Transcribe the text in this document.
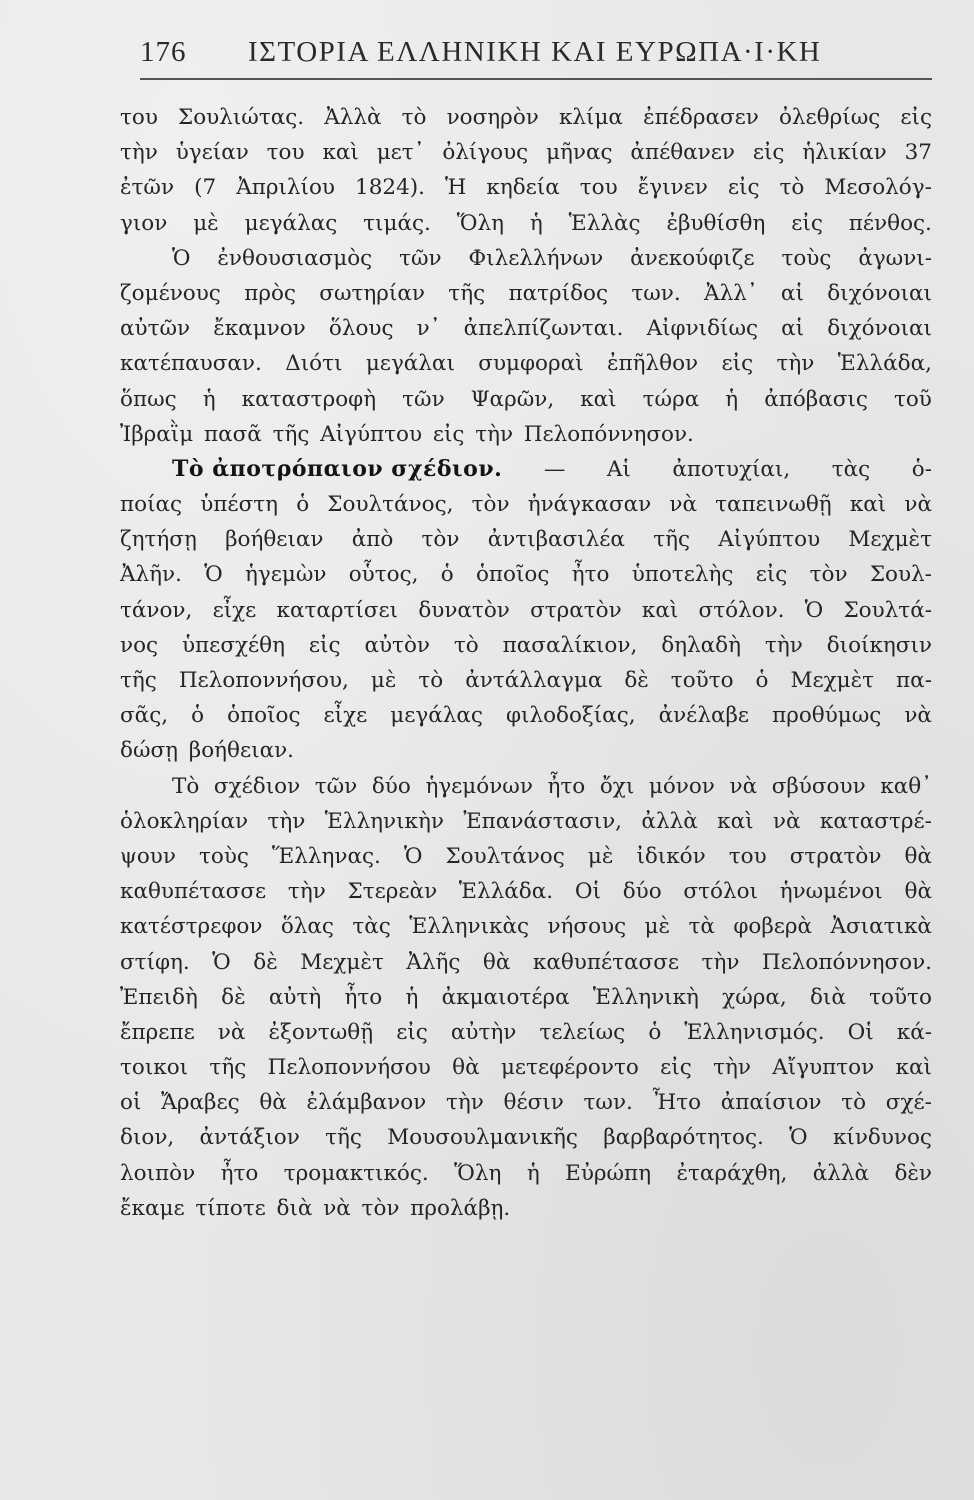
176 ΙΣΤΟΡΙΑ ΕΛΛΗΝΙΚΗ ΚΑΙ ΕΥΡΩΠΑ·Ι·ΚΗ
του Σουλιώτας. Ἀλλὰ τὸ νοσηρὸν κλίμα ἐπέδρασεν ὀλεθρίως εἰς
τὴν ὑγείαν του καὶ μετ᾽ ὀλίγους μῆνας ἀπέθανεν εἰς ἡλικίαν 37
ἐτῶν (7 Ἀπριλίου 1824). Ἡ κηδεία του ἔγινεν εἰς τὸ Μεσολόγ-
γιον μὲ μεγάλας τιμάς. Ὅλη ἡ Ἑλλὰς ἐβυθίσθη εἰς πένθος.
Ὁ ἐνθουσιασμὸς τῶν Φιλελλήνων ἀνεκούφιζε τοὺς ἀγωνι-
ζομένους πρὸς σωτηρίαν τῆς πατρίδος των. Ἀλλ᾽ αἱ διχόνοιαι
αὐτῶν ἔκαμνον ὅλους ν᾽ ἀπελπίζωνται. Αἰφνιδίως αἱ διχόνοιαι
κατέπαυσαν. Διότι μεγάλαι συμφοραὶ ἐπῆλθον εἰς τὴν Ἑλλάδα,
ὅπως ἡ καταστροφὴ τῶν Ψαρῶν, καὶ τώρα ἡ ἀπόβασις τοῦ
Ἰβραῒμ πασᾶ τῆς Αἰγύπτου εἰς τὴν Πελοπόννησον.
Τὸ ἀποτρόπαιον σχέδιον. — Αἱ ἀποτυχίαι, τὰς ὁ-
ποίας ὑπέστη ὁ Σουλτάνος, τὸν ἠνάγκασαν νὰ ταπεινωθῇ καὶ νὰ
ζητήσῃ βοήθειαν ἀπὸ τὸν ἀντιβασιλέα τῆς Αἰγύπτου Μεχμὲτ
Ἀλῆν. Ὁ ἡγεμὼν οὗτος, ὁ ὁποῖος ἦτο ὑποτελὴς εἰς τὸν Σουλ-
τάνον, εἶχε καταρτίσει δυνατὸν στρατὸν καὶ στόλον. Ὁ Σουλτά-
νος ὑπεσχέθη εἰς αὐτὸν τὸ πασαλίκιον, δηλαδὴ τὴν διοίκησιν
τῆς Πελοποννήσου, μὲ τὸ ἀντάλλαγμα δὲ τοῦτο ὁ Μεχμὲτ πα-
σᾶς, ὁ ὁποῖος εἶχε μεγάλας φιλοδοξίας, ἀνέλαβε προθύμως νὰ
δώσῃ βοήθειαν.
Τὸ σχέδιον τῶν δύο ἡγεμόνων ἦτο ὄχι μόνον νὰ σβύσουν καθ᾽
ὁλοκληρίαν τὴν Ἑλληνικὴν Ἐπανάστασιν, ἀλλὰ καὶ νὰ καταστρέ-
ψουν τοὺς Ἕλληνας. Ὁ Σουλτάνος μὲ ἰδικόν του στρατὸν θὰ
καθυπέτασσε τὴν Στερεὰν Ἑλλάδα. Οἱ δύο στόλοι ἡνωμένοι θὰ
κατέστρεφον ὅλας τὰς Ἑλληνικὰς νήσους μὲ τὰ φοβερὰ Ἀσιατικὰ
στίφη. Ὁ δὲ Μεχμὲτ Ἀλῆς θὰ καθυπέτασσε τὴν Πελοπόννησον.
Ἐπειδὴ δὲ αὐτὴ ἦτο ἡ ἀκμαιοτέρα Ἑλληνικὴ χώρα, διὰ τοῦτο
ἔπρεπε νὰ ἐξοντωθῇ εἰς αὐτὴν τελείως ὁ Ἑλληνισμός. Οἱ κά-
τοικοι τῆς Πελοποννήσου θὰ μετεφέροντο εἰς τὴν Αἴγυπτον καὶ
οἱ Ἄραβες θὰ ἐλάμβανον τὴν θέσιν των. Ἦτο ἀπαίσιον τὸ σχέ-
διον, ἀντάξιον τῆς Μουσουλμανικῆς βαρβαρότητος. Ὁ κίνδυνος
λοιπὸν ἦτο τρομακτικός. Ὅλη ἡ Εὐρώπη ἐταράχθη, ἀλλὰ δὲν
ἔκαμε τίποτε διὰ νὰ τὸν προλάβῃ.
